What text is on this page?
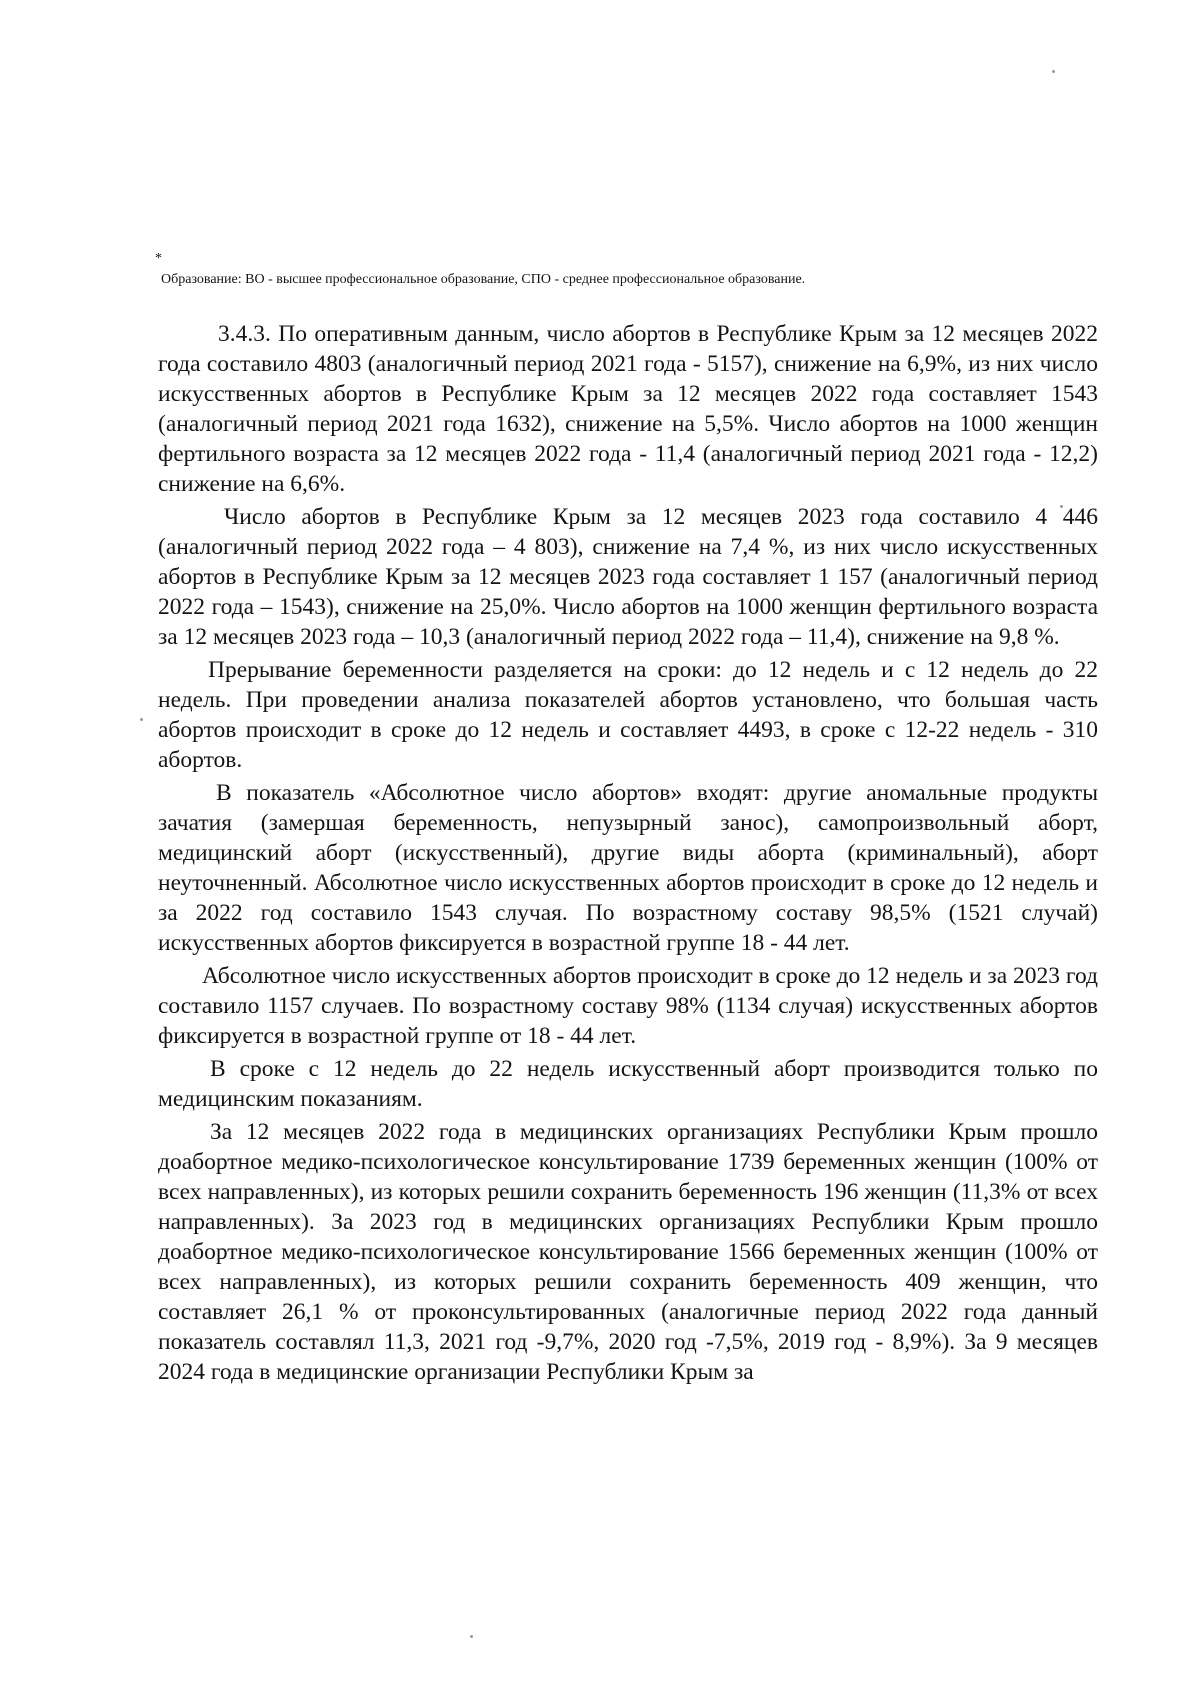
*
Образование: ВО - высшее профессиональное образование, СПО - среднее профессиональное образование.

3.4.3. По оперативным данным, число абортов в Республике Крым за 12 месяцев 2022 года составило 4803 (аналогичный период 2021 года - 5157), снижение на 6,9%, из них число искусственных абортов в Республике Крым за 12 месяцев 2022 года составляет 1543 (аналогичный период 2021 года 1632), снижение на 5,5%. Число абортов на 1000 женщин фертильного возраста за 12 месяцев 2022 года - 11,4 (аналогичный период 2021 года - 12,2) снижение на 6,6%.

Число абортов в Республике Крым за 12 месяцев 2023 года составило 4 446 (аналогичный период 2022 года – 4 803), снижение на 7,4 %, из них число искусственных абортов в Республике Крым за 12 месяцев 2023 года составляет 1 157 (аналогичный период 2022 года – 1543), снижение на 25,0%. Число абортов на 1000 женщин фертильного возраста за 12 месяцев 2023 года – 10,3 (аналогичный период 2022 года – 11,4), снижение на 9,8 %.

Прерывание беременности разделяется на сроки: до 12 недель и с 12 недель до 22 недель. При проведении анализа показателей абортов установлено, что большая часть абортов происходит в сроке до 12 недель и составляет 4493, в сроке с 12-22 недель - 310 абортов.

В показатель «Абсолютное число абортов» входят: другие аномальные продукты зачатия (замершая беременность, непузырный занос), самопроизвольный аборт, медицинский аборт (искусственный), другие виды аборта (криминальный), аборт неуточненный. Абсолютное число искусственных абортов происходит в сроке до 12 недель и за 2022 год составило 1543 случая. По возрастному составу 98,5% (1521 случай) искусственных абортов фиксируется в возрастной группе 18 - 44 лет.

Абсолютное число искусственных абортов происходит в сроке до 12 недель и за 2023 год составило 1157 случаев. По возрастному составу 98% (1134 случая) искусственных абортов фиксируется в возрастной группе от 18 - 44 лет.

В сроке с 12 недель до 22 недель искусственный аборт производится только по медицинским показаниям.

За 12 месяцев 2022 года в медицинских организациях Республики Крым прошло доабортное медико-психологическое консультирование 1739 беременных женщин (100% от всех направленных), из которых решили сохранить беременность 196 женщин (11,3% от всех направленных). За 2023 год в медицинских организациях Республики Крым прошло доабортное медико-психологическое консультирование 1566 беременных женщин (100% от всех направленных), из которых решили сохранить беременность 409 женщин, что составляет 26,1 % от проконсультированных (аналогичные период 2022 года данный показатель составлял 11,3, 2021 год -9,7%, 2020 год -7,5%, 2019 год - 8,9%). За 9 месяцев 2024 года в медицинские организации Республики Крым за
